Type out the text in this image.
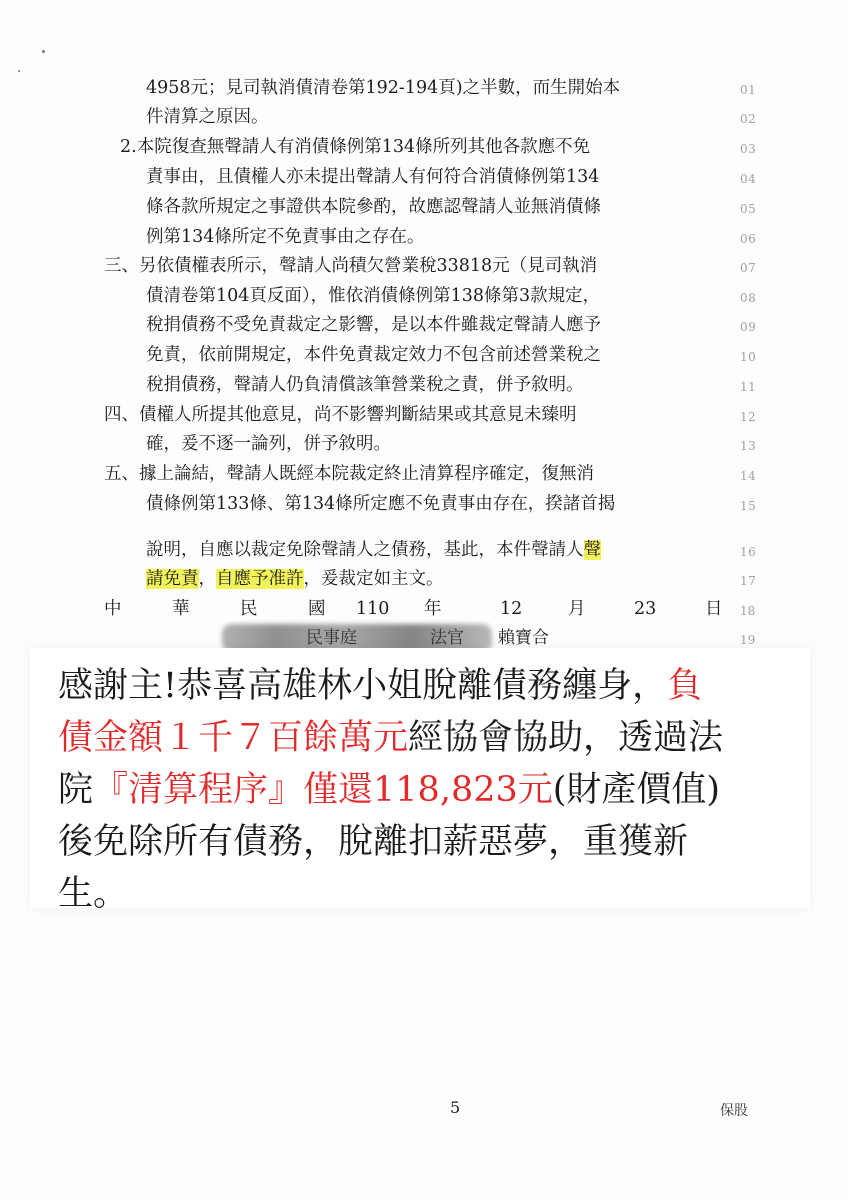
4958元；見司執消債清卷第192-194頁)之半數，而生開始本	01
件清算之原因。	02
2.本院復查無聲請人有消債條例第134條所列其他各款應不免	03
責事由，且債權人亦未提出聲請人有何符合消債條例第134	04
條各款所規定之事證供本院參酌，故應認聲請人並無消債條	05
例第134條所定不免責事由之存在。	06
三、另依債權表所示，聲請人尚積欠營業稅33818元（見司執消	07
債清卷第104頁反面），惟依消債條例第138條第3款規定，	08
稅捐債務不受免責裁定之影響，是以本件雖裁定聲請人應予	09
免責，依前開規定，本件免責裁定效力不包含前述營業稅之	10
稅捐債務，聲請人仍負清償該筆營業稅之責，併予敘明。	11
四、債權人所提其他意見，尚不影響判斷結果或其意見未臻明	12
確，爰不逐一論列，併予敘明。	13
五、據上論結，聲請人既經本院裁定終止清算程序確定，復無消	14
債條例第133條、第134條所定應不免責事由存在，揆諸首揭	15
說明，自應以裁定免除聲請人之債務，基此，本件聲請人聲	16
請免責，自應予准許，爰裁定如主文。	17
中	華	民	國 110 年	12	月	23	日 18
民事庭	法官 賴寶合	19
感謝主!恭喜高雄林小姐脫離債務纏身，負
債金額１千７百餘萬元經協會協助，透過法
院『清算程序』僅還118,823元(財產價值)
後免除所有債務，脫離扣薪惡夢，重獲新
生。
5	保股
